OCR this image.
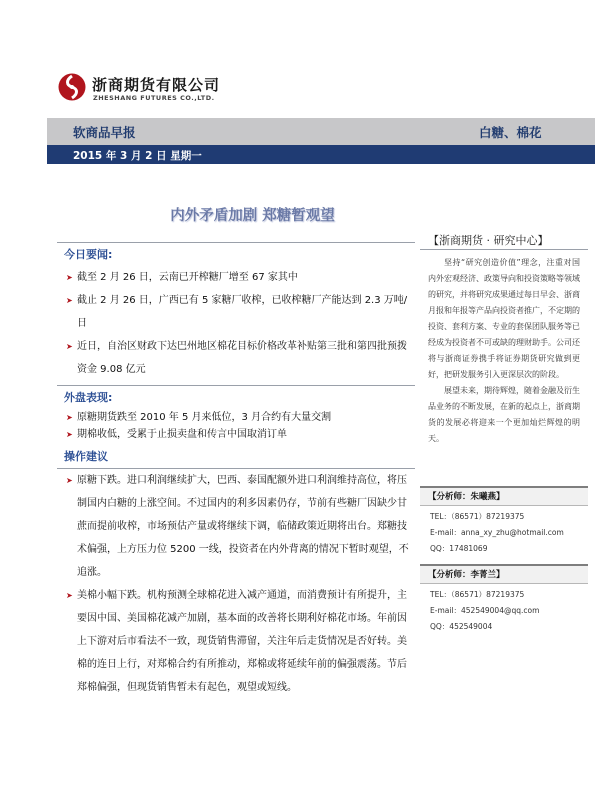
浙商期货有限公司
ZHESHANG FUTURES CO.,LTD.
软商品早报	白糖、棉花
2015 年 3 月 2 日 星期一
内外矛盾加剧 郑糖暂观望
今日要闻:
➤ 截至 2 月 26 日，云南已开榨糖厂增至 67 家其中
➤ 截止 2 月 26 日，广西已有 5 家糖厂收榨，已收榨糖厂产能达到 2.3 万吨/日
➤ 近日，自治区财政下达巴州地区棉花目标价格改革补贴第三批和第四批预拨资金 9.08 亿元
外盘表现:
➤ 原糖期货跌至 2010 年 5 月来低位，3 月合约有大量交割
➤ 期棉收低，受累于止损卖盘和传言中国取消订单
操作建议
➤ 原糖下跌。进口利润继续扩大，巴西、泰国配额外进口利润维持高位，将压制国内白糖的上涨空间。不过国内的利多因素仍存，节前有些糖厂因缺少甘蔗而提前收榨，市场预估产量或将继续下调，临储政策近期将出台。郑糖技术偏强，上方压力位 5200 一线，投资者在内外背离的情况下暂时观望，不追涨。
➤ 美棉小幅下跌。机构预测全球棉花进入减产通道，而消费预计有所提升，主要因中国、美国棉花减产加剧，基本面的改善将长期利好棉花市场。年前因上下游对后市看法不一致，现货销售滞留，关注年后走货情况是否好转。美棉的连日上行，对郑棉合约有所推动，郑棉或将延续年前的偏强震荡。节后郑棉偏强，但现货销售暂未有起色，观望或短线。
【浙商期货 · 研究中心】

坚持“研究创造价值”理念，注重对国内外宏观经济、政策导向和投资策略等领域的研究，并将研究成果通过每日早会、浙商月报和年报等产品向投资者推广，不定期的投资、套利方案、专业的套保团队服务等已经成为投资者不可或缺的理财助手。公司还将与浙商证券携手将证券期货研究做到更好，把研发服务引入更深层次的阶段。

展望未来，期待辉煌，随着金融及衍生品业务的不断发展，在新的起点上，浙商期货的发展必将迎来一个更加灿烂辉煌的明天。

【分析师：朱曦燕】
TEL：（86571）87219375
E-mail：anna_xy_zhu@hotmail.com
QQ：17481069
【分析师：李菁兰】
TEL：（86571）87219375
E-mail：452549004@qq.com
QQ：452549004
